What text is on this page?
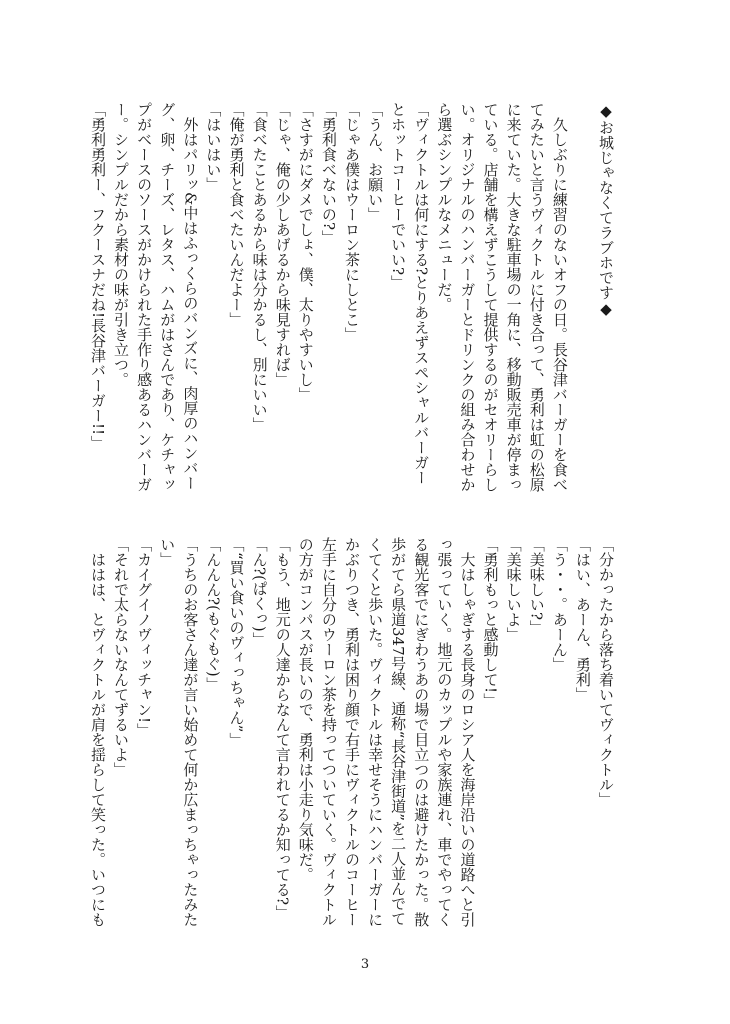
◆お城じゃなくてラブホです◆

久しぶりに練習のないオフの日。長谷津バーガーを食べてみたいと言うヴィクトルに付き合って、勇利は虹の松原に来ていた。大きな駐車場の一角に、移動販売車が停まっている。店舗を構えずこうして提供するのがセオリーらしい。オリジナルのハンバーガーとドリンクの組み合わせから選ぶシンプルなメニューだ。

「ヴィクトルは何にする?とりあえずスペシャルバーガーとホットコーヒーでいい?」

「うん、お願い」

「じゃあ僕はウーロン茶にしとこ」

「勇利食べないの?」

「さすがにダメでしょ、僕、太りやすいし」

「じゃ、俺の少しあげるから味見すれば」

「食べたことあるから味は分かるし、別にいい」

「俺が勇利と食べたいんだよー」

「はいはい」

外はパリッ&中はふっくらのバンズに、肉厚のハンバーグ、卵、チーズ、レタス、ハムがはさんであり、ケチャップがベースのソースがかけられた手作り感あるハンバーガー。シンプルだから素材の味が引き立つ。

「勇利勇利ー、フクースナだね!長谷津バーガー!!」

「分かったから落ち着いてヴィクトル」

「はい、あーん、勇利」

「う・・。あーん」

「美味しい?」

「美味しいよ」

「勇利もっと感動して!」

大はしゃぎする長身のロシア人を海岸沿いの道路へと引っ張っていく。地元のカップルや家族連れ、車でやってくる観光客でにぎわうあの場で目立つのは避けたかった。散歩がてら県道347号線、通称“長谷津街道”を二人並んでてくてくと歩いた。ヴィクトルは幸せそうにハンバーガーにかぶりつき、勇利は困り顔で右手にヴィクトルのコーヒー左手に自分のウーロン茶を持ってついていく。ヴィクトルの方がコンパスが長いので、勇利は小走り気味だ。

「もう、地元の人達からなんて言われてるか知ってる?」

「ん?(ぱくっ)」

「“買い食いのヴィっちゃん”」

「んんん?(もぐもぐ)」

「うちのお客さん達が言い始めて何か広まっちゃったみたい」

「カイグイノヴィッチャン!」

「それで太らないなんてずるいよ」

ははは、とヴィクトルが肩を揺らして笑った。いつにも

3
